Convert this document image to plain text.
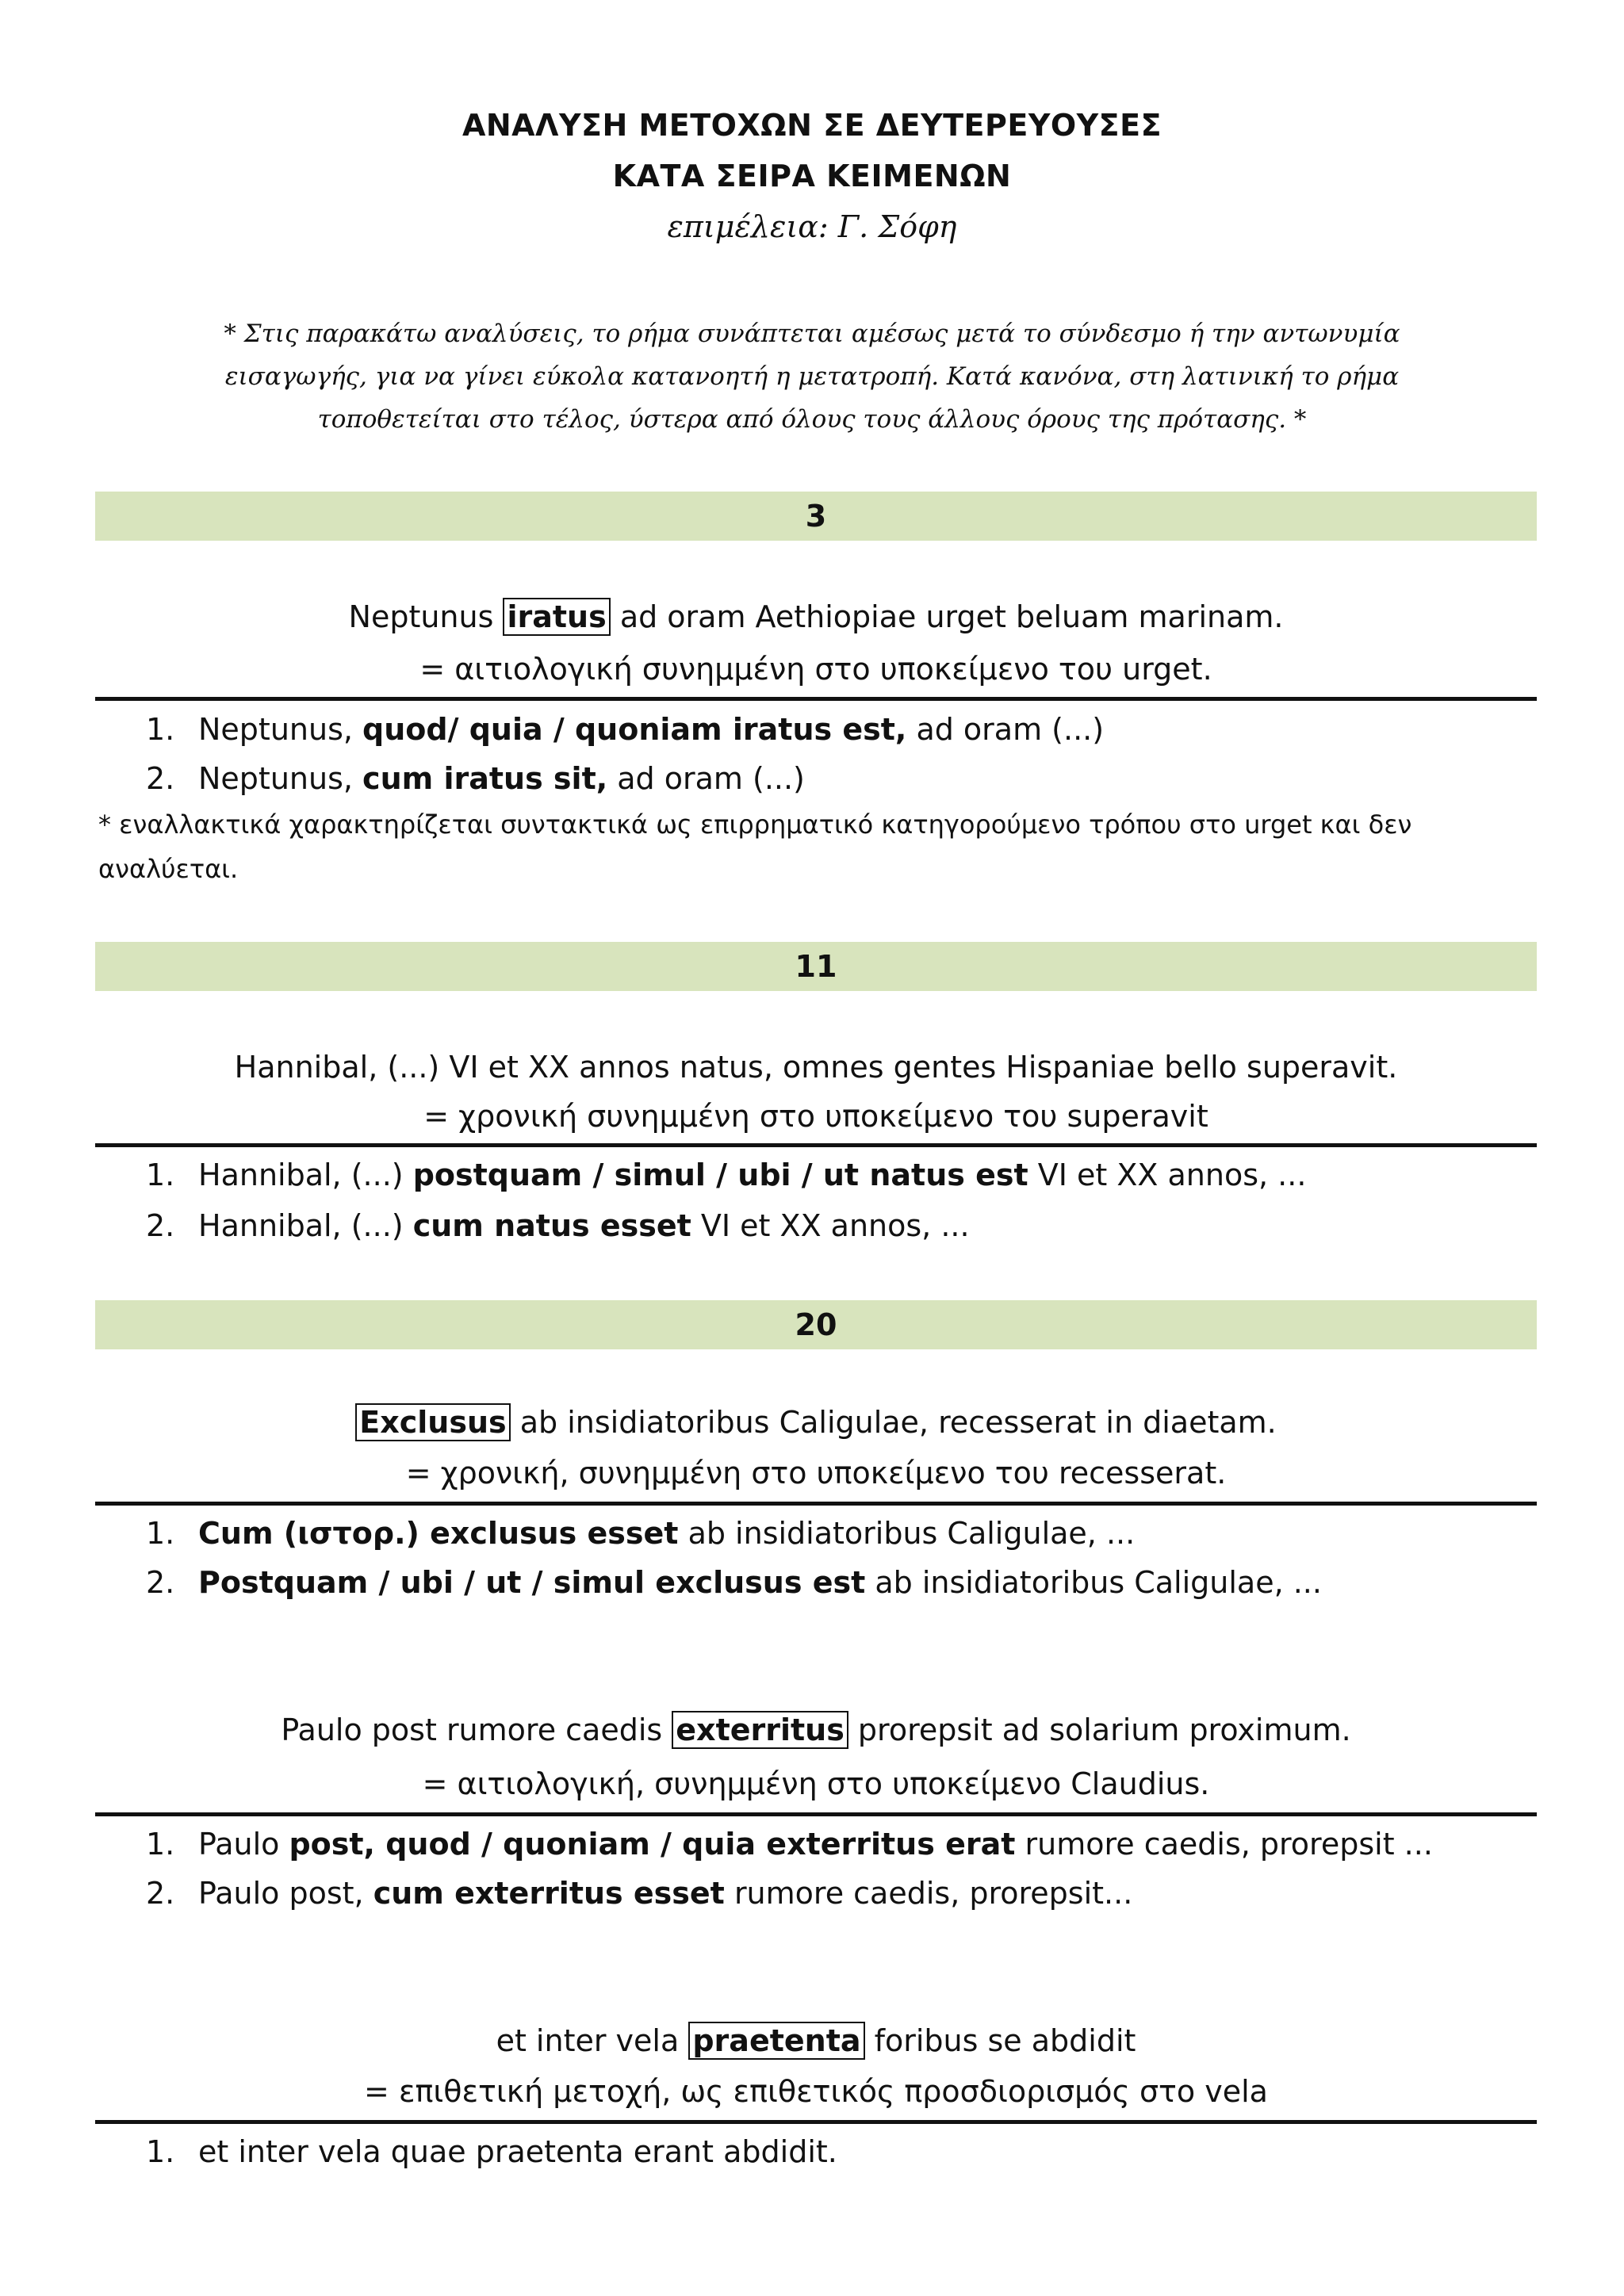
ΑΝΑΛΥΣΗ ΜΕΤΟΧΩΝ ΣΕ ΔΕΥΤΕΡΕΥΟΥΣΕΣ
ΚΑΤΑ ΣΕΙΡΑ ΚΕΙΜΕΝΩΝ
επιμέλεια: Γ. Σόφη
* Στις παρακάτω αναλύσεις, το ρήμα συνάπτεται αμέσως μετά το σύνδεσμο ή την αντωνυμία εισαγωγής, για να γίνει εύκολα κατανοητή η μετατροπή. Κατά κανόνα, στη λατινική το ρήμα τοποθετείται στο τέλος, ύστερα από όλους τους άλλους όρους της πρότασης. *
3
Neptunus iratus ad oram Aethiopiae urget beluam marinam.
= αιτιολογική συνημμένη στο υποκείμενο του urget.
1. Neptunus, quod/ quia / quoniam iratus est, ad oram (...)
2. Neptunus, cum iratus sit, ad oram (...)
* εναλλακτικά χαρακτηρίζεται συντακτικά ως επιρρηματικό κατηγορούμενο τρόπου στο urget και δεν αναλύεται.
11
Hannibal, (...) VI et XX annos natus, omnes gentes Hispaniae bello superavit.
= χρονική συνημμένη στο υποκείμενο του superavit
1. Hannibal, (...) postquam / simul / ubi / ut natus est VI et XX annos, ...
2. Hannibal, (...) cum natus esset VI et XX annos, ...
20
Exclusus ab insidiatoribus Caligulae, recesserat in diaetam.
= χρονική, συνημμένη στο υποκείμενο του recesserat.
1. Cum (ιστορ.) exclusus esset ab insidiatoribus Caligulae, ...
2. Postquam / ubi / ut / simul exclusus est ab insidiatoribus Caligulae, ...
Paulo post rumore caedis exterritus prorepsit ad solarium proximum.
= αιτιολογική, συνημμένη στο υποκείμενο Claudius.
1. Paulo post, quod / quoniam / quia exterritus erat rumore caedis, prorepsit ...
2. Paulo post, cum exterritus esset rumore caedis, prorepsit...
et inter vela praetenta foribus se abdidit
= επιθετική μετοχή, ως επιθετικός προσδιορισμός στο vela
1. et inter vela quae praetenta erant abdidit.
